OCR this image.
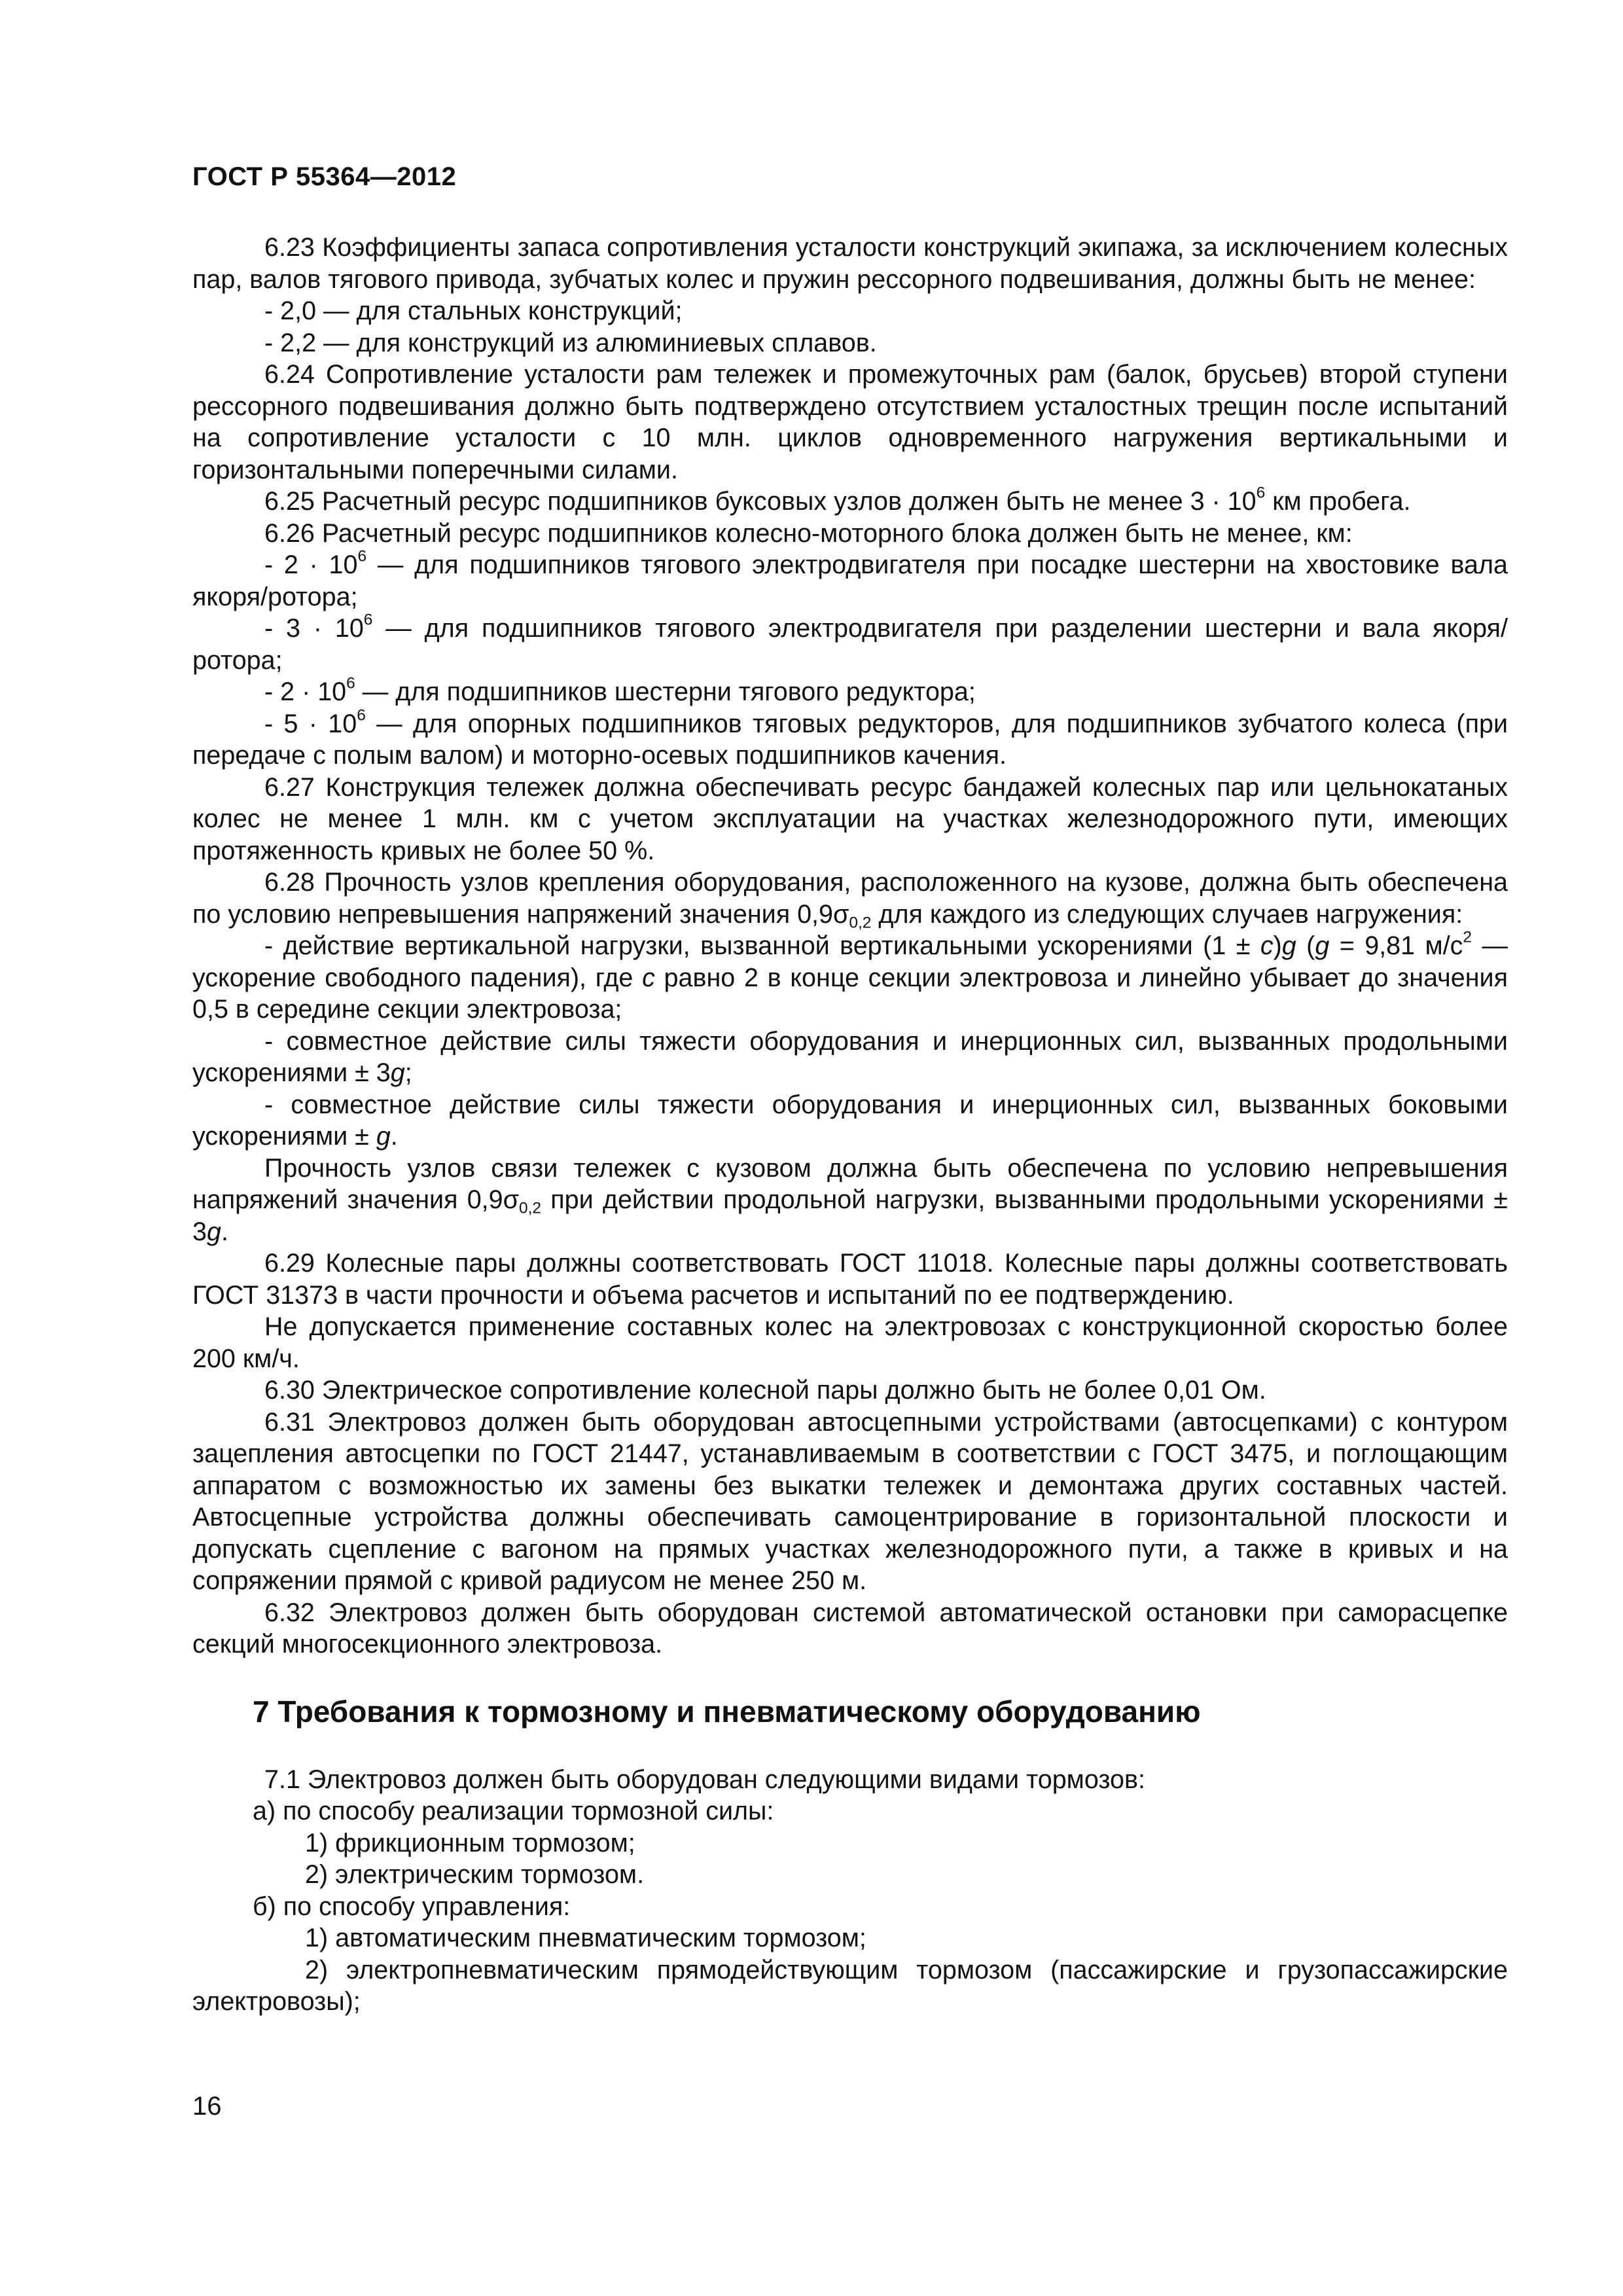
ГОСТ Р 55364—2012

6.23 Коэффициенты запаса сопротивления усталости конструкций экипажа, за исключением колесных пар, валов тягового привода, зубчатых колес и пружин рессорного подвешивания, должны быть не менее:

- 2,0 — для стальных конструкций;

- 2,2 — для конструкций из алюминиевых сплавов.

6.24 Сопротивление усталости рам тележек и промежуточных рам (балок, брусьев) второй ступени рессорного подвешивания должно быть подтверждено отсутствием усталостных трещин после испытаний на сопротивление усталости с 10 млн. циклов одновременного нагружения вертикальными и горизонтальными поперечными силами.

6.25 Расчетный ресурс подшипников буксовых узлов должен быть не менее $3 \cdot 10^6$ км пробега.

6.26 Расчетный ресурс подшипников колесно-моторного блока должен быть не менее, км:

- $2 \cdot 10^6$ — для подшипников тягового электродвигателя при посадке шестерни на хвостовике вала якоря/ротора;

- $3 \cdot 10^6$ — для подшипников тягового электродвигателя при разделении шестерни и вала якоря/ротора;

- $2 \cdot 10^6$ — для подшипников шестерни тягового редуктора;

- $5 \cdot 10^6$ — для опорных подшипников тяговых редукторов, для подшипников зубчатого колеса (при передаче с полым валом) и моторно-осевых подшипников качения.

6.27 Конструкция тележек должна обеспечивать ресурс бандажей колесных пар или цельнокатаных колес не менее 1 млн. км с учетом эксплуатации на участках железнодорожного пути, имеющих протяженность кривых не более 50 %.

6.28 Прочность узлов крепления оборудования, расположенного на кузове, должна быть обеспечена по условию непревышения напряжений значения $0,9\sigma_{0,2}$ для каждого из следующих случаев нагружения:

- действие вертикальной нагрузки, вызванной вертикальными ускорениями (1 ± c)g (g = 9,81 $м/с^2$ — ускорение свободного падения), где c равно 2 в конце секции электровоза и линейно убывает до значения 0,5 в середине секции электровоза;

- совместное действие силы тяжести оборудования и инерционных сил, вызванных продольными ускорениями ± 3g;

- совместное действие силы тяжести оборудования и инерционных сил, вызванных боковыми ускорениями ± g.

Прочность узлов связи тележек с кузовом должна быть обеспечена по условию непревышения напряжений значения $0,9\sigma_{0,2}$ при действии продольной нагрузки, вызванными продольными ускорениями ± 3g.

6.29 Колесные пары должны соответствовать ГОСТ 11018. Колесные пары должны соответствовать ГОСТ 31373 в части прочности и объема расчетов и испытаний по ее подтверждению.

Не допускается применение составных колес на электровозах с конструкционной скоростью более 200 км/ч.

6.30 Электрическое сопротивление колесной пары должно быть не более 0,01 Ом.

6.31 Электровоз должен быть оборудован автосцепными устройствами (автосцепками) с контуром зацепления автосцепки по ГОСТ 21447, устанавливаемым в соответствии с ГОСТ 3475, и поглощающим аппаратом с возможностью их замены без выкатки тележек и демонтажа других составных частей. Автосцепные устройства должны обеспечивать самоцентрирование в горизонтальной плоскости и допускать сцепление с вагоном на прямых участках железнодорожного пути, а также в кривых и на сопряжении прямой с кривой радиусом не менее 250 м.

6.32 Электровоз должен быть оборудован системой автоматической остановки при саморасцепке секций многосекционного электровоза.

7 Требования к тормозному и пневматическому оборудованию

7.1 Электровоз должен быть оборудован следующими видами тормозов:

а) по способу реализации тормозной силы:

1) фрикционным тормозом;

2) электрическим тормозом.

б) по способу управления:

1) автоматическим пневматическим тормозом;

2) электропневматическим прямодействующим тормозом (пассажирские и грузопассажирские электровозы);

16
